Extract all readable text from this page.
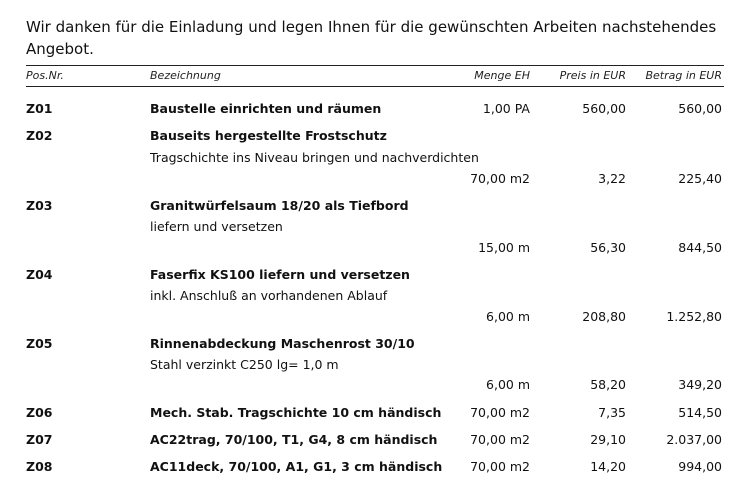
Wir danken für die Einladung und legen Ihnen für die gewünschten Arbeiten nachstehendes
Angebot.
Pos.Nr.	Bezeichnung	Menge EH	Preis in EUR	Betrag in EUR
Z01	Baustelle einrichten und räumen	1,00 PA	560,00	560,00
Z02	Bauseits hergestellte Frostschutz
Tragschichte ins Niveau bringen und nachverdichten
70,00 m2	3,22	225,40
Z03	Granitwürfelsaum 18/20 als Tiefbord
liefern und versetzen
15,00 m	56,30	844,50
Z04	Faserfix KS100 liefern und versetzen
inkl. Anschluß an vorhandenen Ablauf
6,00 m	208,80	1.252,80
Z05	Rinnenabdeckung Maschenrost 30/10
Stahl verzinkt C250 lg= 1,0 m
6,00 m	58,20	349,20
Z06	Mech. Stab. Tragschichte 10 cm händisch	70,00 m2	7,35	514,50
Z07	AC22trag, 70/100, T1, G4, 8 cm händisch	70,00 m2	29,10	2.037,00
Z08	AC11deck, 70/100, A1, G1, 3 cm händisch	70,00 m2	14,20	994,00
